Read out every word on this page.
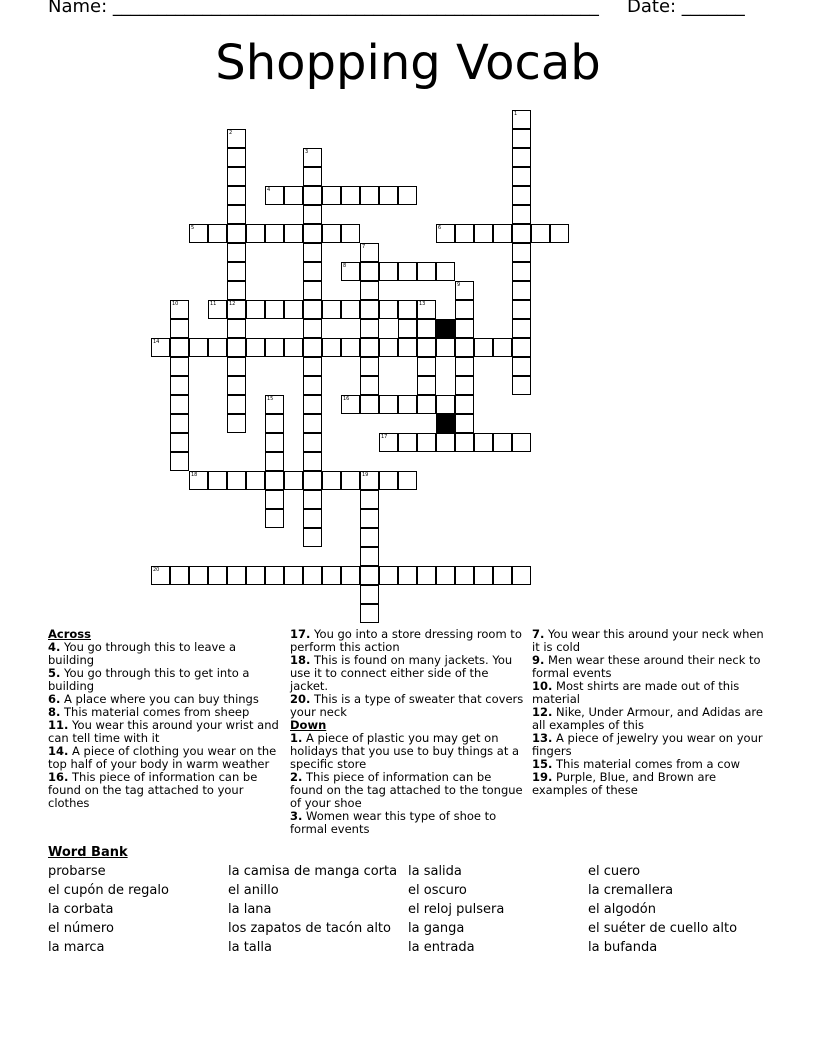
Name: ______________________________________________________ Date: _______
Shopping Vocab
1
2
3
7
9
10	12	13
15
19
4
5	6
8
11
14
16
17
18
20
Across
4. You go through this to leave a building
5. You go through this to get into a building
6. A place where you can buy things
8. This material comes from sheep
11. You wear this around your wrist and can tell time with it
14. A piece of clothing you wear on the top half of your body in warm weather
16. This piece of information can be found on the tag attached to your clothes
17. You go into a store dressing room to perform this action
18. This is found on many jackets. You use it to connect either side of the jacket.
20. This is a type of sweater that covers your neck
Down
1. A piece of plastic you may get on holidays that you use to buy things at a specific store
2. This piece of information can be found on the tag attached to the tongue of your shoe
3. Women wear this type of shoe to formal events
7. You wear this around your neck when it is cold
9. Men wear these around their neck to formal events
10. Most shirts are made out of this material
12. Nike, Under Armour, and Adidas are all examples of this
13. A piece of jewelry you wear on your fingers
15. This material comes from a cow
19. Purple, Blue, and Brown are examples of these
Word Bank
probarse
el cupón de regalo
la corbata
el número
la marca
la camisa de manga corta
el anillo
la lana
los zapatos de tacón alto
la talla
la salida
el oscuro
el reloj pulsera
la ganga
la entrada
el cuero
la cremallera
el algodón
el suéter de cuello alto
la bufanda
